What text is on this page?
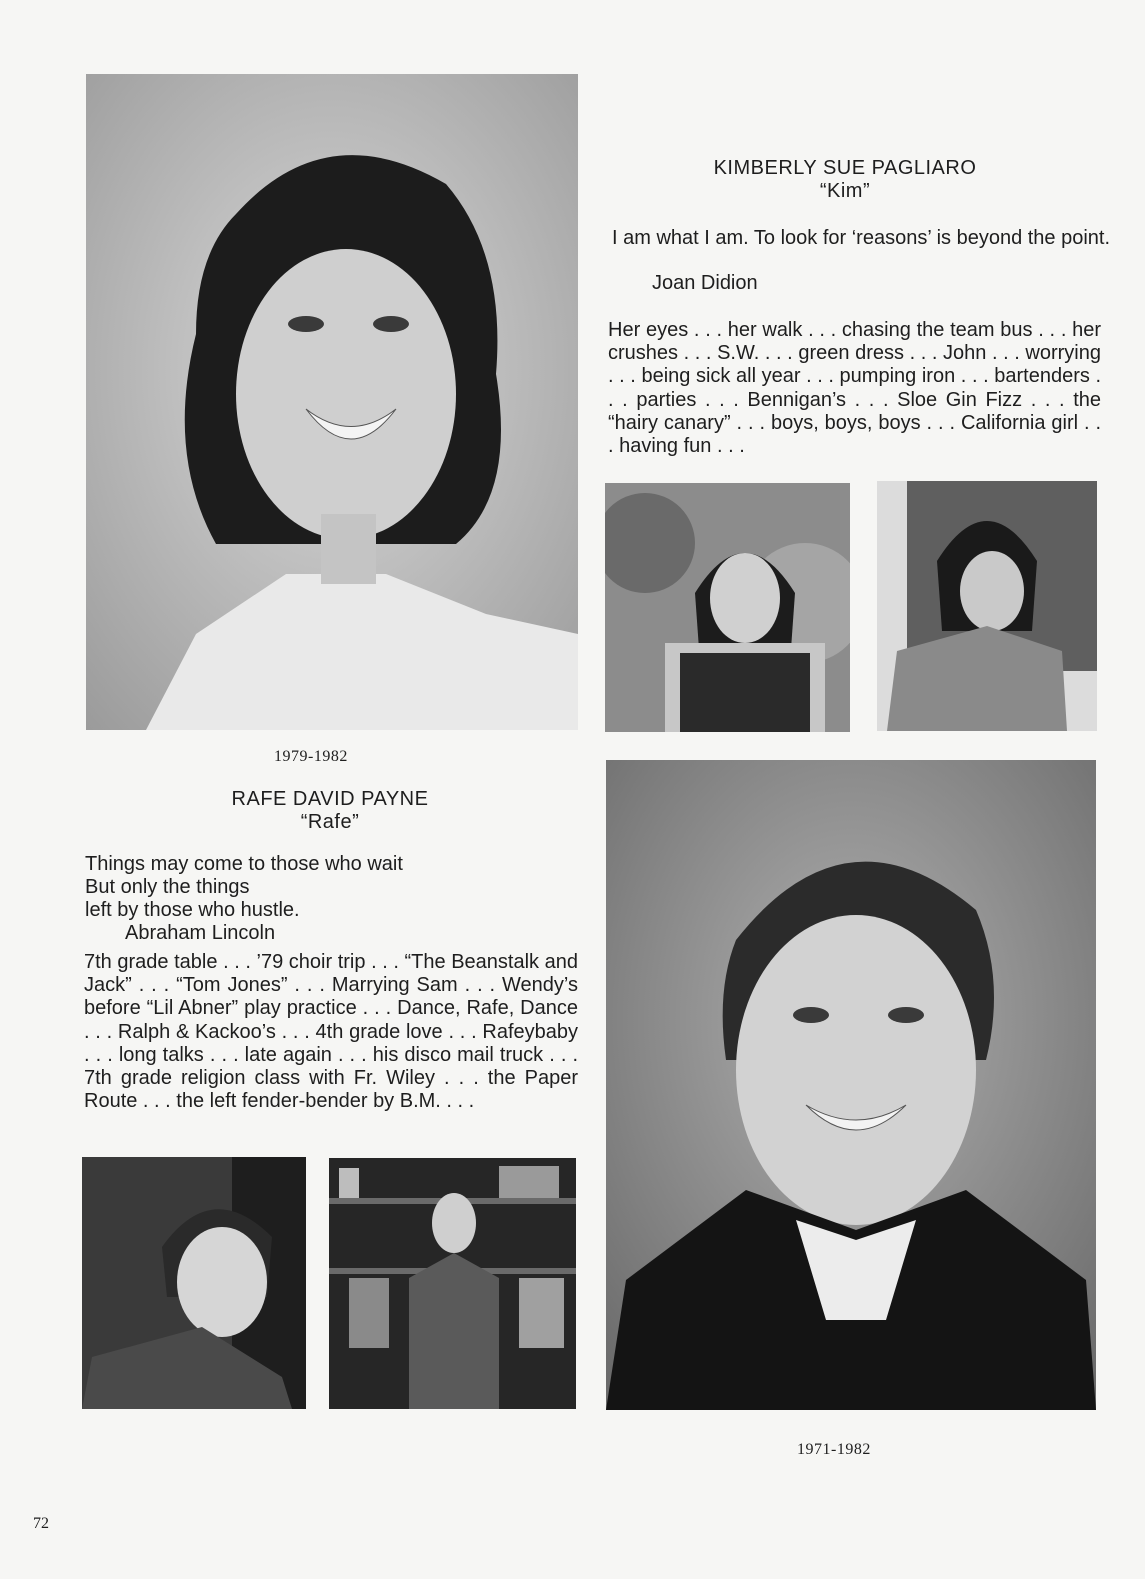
KIMBERLY SUE PAGLIARO
“Kim”
I am what I am. To look for ‘reasons’ is beyond the point.
Joan Didion
Her eyes . . . her walk . . . chasing the team bus . . . her crushes . . . S.W. . . . green dress . . . John . . . worrying . . . being sick all year . . . pumping iron . . . bartenders . . . parties . . . Bennigan’s . . . Sloe Gin Fizz . . . the “hairy canary” . . . boys, boys, boys . . . California girl . . . having fun . . .
1979-1982
RAFE DAVID PAYNE
“Rafe”
Things may come to those who wait
But only the things
left by those who hustle.
Abraham Lincoln
7th grade table . . . ’79 choir trip . . . “The Beanstalk and Jack” . . . “Tom Jones” . . . Marrying Sam . . . Wendy’s before “Lil Abner” play practice . . . Dance, Rafe, Dance . . . Ralph & Kackoo’s . . . 4th grade love . . . Rafeybaby . . . long talks . . . late again . . . his disco mail truck . . . 7th grade religion class with Fr. Wiley . . . the Paper Route . . . the left fender-bender by B.M. . . .
1971-1982
72
